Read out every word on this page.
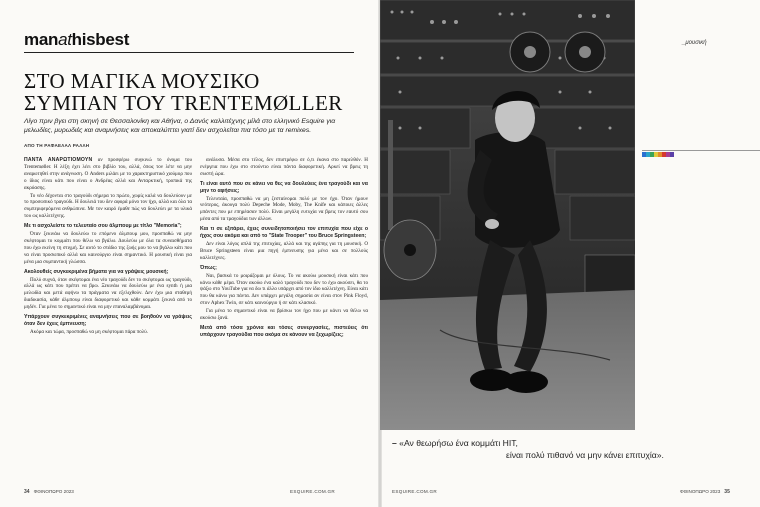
manathisbest
ΣΤΟ ΜΑΓΙΚΑ ΜΟΥΣΙΚΟ
ΣΥΜΠΑΝ ΤΟΥ TRENTEMØLLER

Λίγο πριν βγει στη σκηνή σε Θεσσαλονίκη και Αθήνα, ο Δανός καλλιτέχνης μίλά στο ελληνικό Esquire για μελωδίες, μυρωδιές και αναμνήσεις και αποκαλύπτει γιατί δεν ασχολείται πια τόσο με τα remixes.

ΑΠΟ ΤΗ ΡΑΦΑΕΛΑΛ ΡΑΛΛΗ

ΠΑΝΤΑ ΑΝΑΡΩΤΙΟΜΟΥΝ αν προσφέρω συγκινώ το όνομα του Trentemøller. Η λέξη έχει λέει στο βιβλίο του, αλλά, όπως τον λέτε να μην αναρωτηθεί στην ανάγνωση. Ο Anders μιλάει με το χαρακτηριστικό χιούμορ που ο ίδιος είναι κάτι που είναι ο Ανδρέας αλλά και Ανταρκτική, τροπικά της ακρόασης.

Το νέο δέχονται στο τραγούδι σήμερα το πρώτο, χωρίς καλά να δουλεύουν με το προσωπικό τραγούδι. Η δουλειά του δεν αφορά μόνο τον ήχο, αλλά και όλα τα συμπεριφερόμενα ανθρώπινα. Με τον καιρό έμαθε πώς να δουλεύει με τα υλικά του ως καλλιτέχνης.

Με τι ασχολείστε το τελευταίο σου άλμπουμ με τίτλο "Memoria";

Όταν ξεκινάω να δουλεύω το επόμενο άλμπουμ μου, προσπαθώ να μην σκέφτομαι το κομμάτι που θέλω να βγάλω. Δουλεύω με όλα τα συναισθήματα που έχω εκείνη τη στιγμή. Σε αυτό το στάδιο της ζωής μου το να βγάλω κάτι που να είναι προσωπικό αλλά και καινούργιο είναι σημαντικό. Η μουσική είναι για μένα μια συμπαντική γλώσσα.

Ακολουθείς συγκεκριμένα βήματα για να γράψεις μουσική;

Πολύ συχνά, όταν σκέφτομαι ένα νέο τραγούδι δεν το σκέφτομαι ως τραγούδι, αλλά ως κάτι που πρέπει να βρω. Ξεκινάω να δουλεύω με ένα synth ή μια μελωδία και μετά αφήνω τα πράγματα να εξελιχθούν. Δεν έχω μια σταθερή διαδικασία, κάθε άλμπουμ είναι διαφορετικό και κάθε κομμάτι ξεκινά από το μηδέν. Για μένα το σημαντικό είναι να μην επαναλαμβάνομαι.

Υπάρχουν συγκεκριμένες αναμνήσεις που σε βοηθούν να γράψεις όταν δεν έχεις έμπνευση;

Ακόμα και τώρα, προσπαθώ να μη σκέφτομαι πάρα πολύ.

ανάλυσα. Μέσα στο τέλος, δεν επιστρέφω σε ό,τι έκανα στο παρελθόν. Η ενέργεια που έχω στο στούντιο είναι πάντα διαφορετική. Αρκεί να βρεις τη σωστή ώρα.

Τι είναι αυτό που σε κάνει να θες να δουλεύεις ένα τραγούδι και να μην το αφήσεις;

Τελευταία, προσπαθώ να μη ζεσταίνομαι πολύ με τον ήχο. Όταν ήμουν νεότερος, άκουγα πολύ Depeche Mode, Moby, The Knife και κάποιες άλλες μπάντες που με επηρέασαν πολύ. Είναι μεγάλη ευτυχία να βρεις τον εαυτό σου μέσα από τα τραγούδια των άλλων.

Και τι σε εξιτάρει, έχεις συνειδητοποιήσει τον επιτυχία που είχε ο ήχος σου ακόμα και από το "State Trooper" του Bruce Springsteen;

Δεν είναι λόγος απλά της επιτυχίας, αλλά και της αγάπης για τη μουσική. Ο Bruce Springsteen είναι μια πηγή έμπνευσης για μένα και σε πολλούς καλλιτέχνες.

Όπως;

Ναι, βασικά το μοιράζομαι με όλους. Το να ακούω μουσική είναι κάτι που κάνω κάθε μέρα. Όταν ακούω ένα καλό τραγούδι που δεν το έχω ακούσει, θα το ψάξω στο YouTube για να δω τι άλλο υπάρχει από τον ίδιο καλλιτέχνη. Είναι κάτι που θα κάνω για πάντα. Δεν υπάρχει μεγάλη σημασία αν είναι στον Pink Floyd, στον Aphex Twin, σε κάτι καινούργιο ή σε κάτι κλασικό.

Για μένα το σημαντικό είναι να βρίσκω τον ήχο που με κάνει να θέλω να ακούσω ξανά.

Μετά από τόσα χρόνια και τόσες συνεργασίες, πιστεύεις ότι υπάρχουν τραγούδια που ακόμα σε κάνουν να ξεχωρίζεις;

34 ΦΘΙΝΟΠΩΡΟ 2023	ESQUIRE.COM.GR
_μουσική
– «Αν θεωρήσω ένα κομμάτι HIT,
είναι πολύ πιθανό να μην κάνει επιτυχία».
ESQUIRE.COM.GR	ΦΘΙΝΟΠΩΡΟ 2023 35
